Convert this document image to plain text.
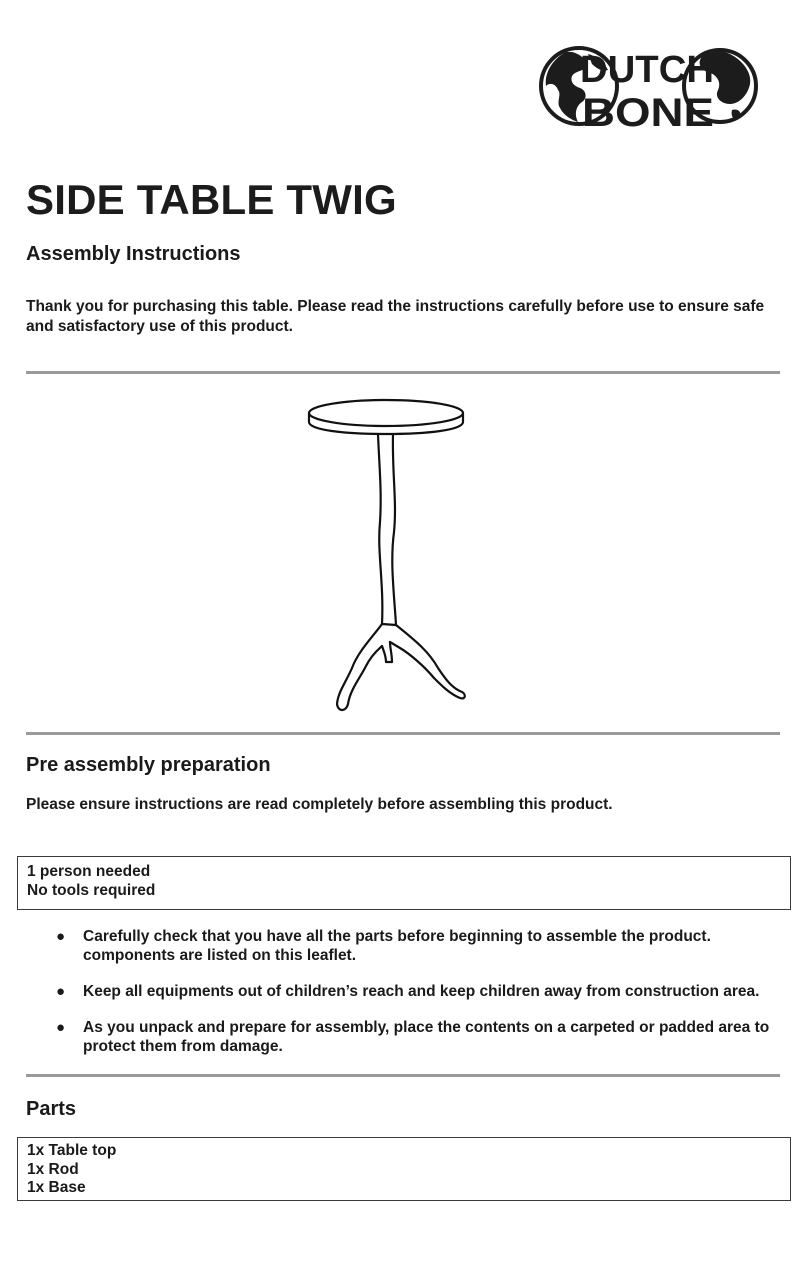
DUTCH
BONE
SIDE TABLE TWIG
Assembly Instructions
Thank you for purchasing this table. Please read the instructions carefully before use to ensure safe and satisfactory use of this product.
Pre assembly preparation
Please ensure instructions are read completely before assembling this product.
1 person needed
No tools required
● Carefully check that you have all the parts before beginning to assemble the product. components are listed on this leaflet.
● Keep all equipments out of children’s reach and keep children away from construction area.
● As you unpack and prepare for assembly, place the contents on a carpeted or padded area to protect them from damage.
Parts
1x Table top
1x Rod
1x Base
